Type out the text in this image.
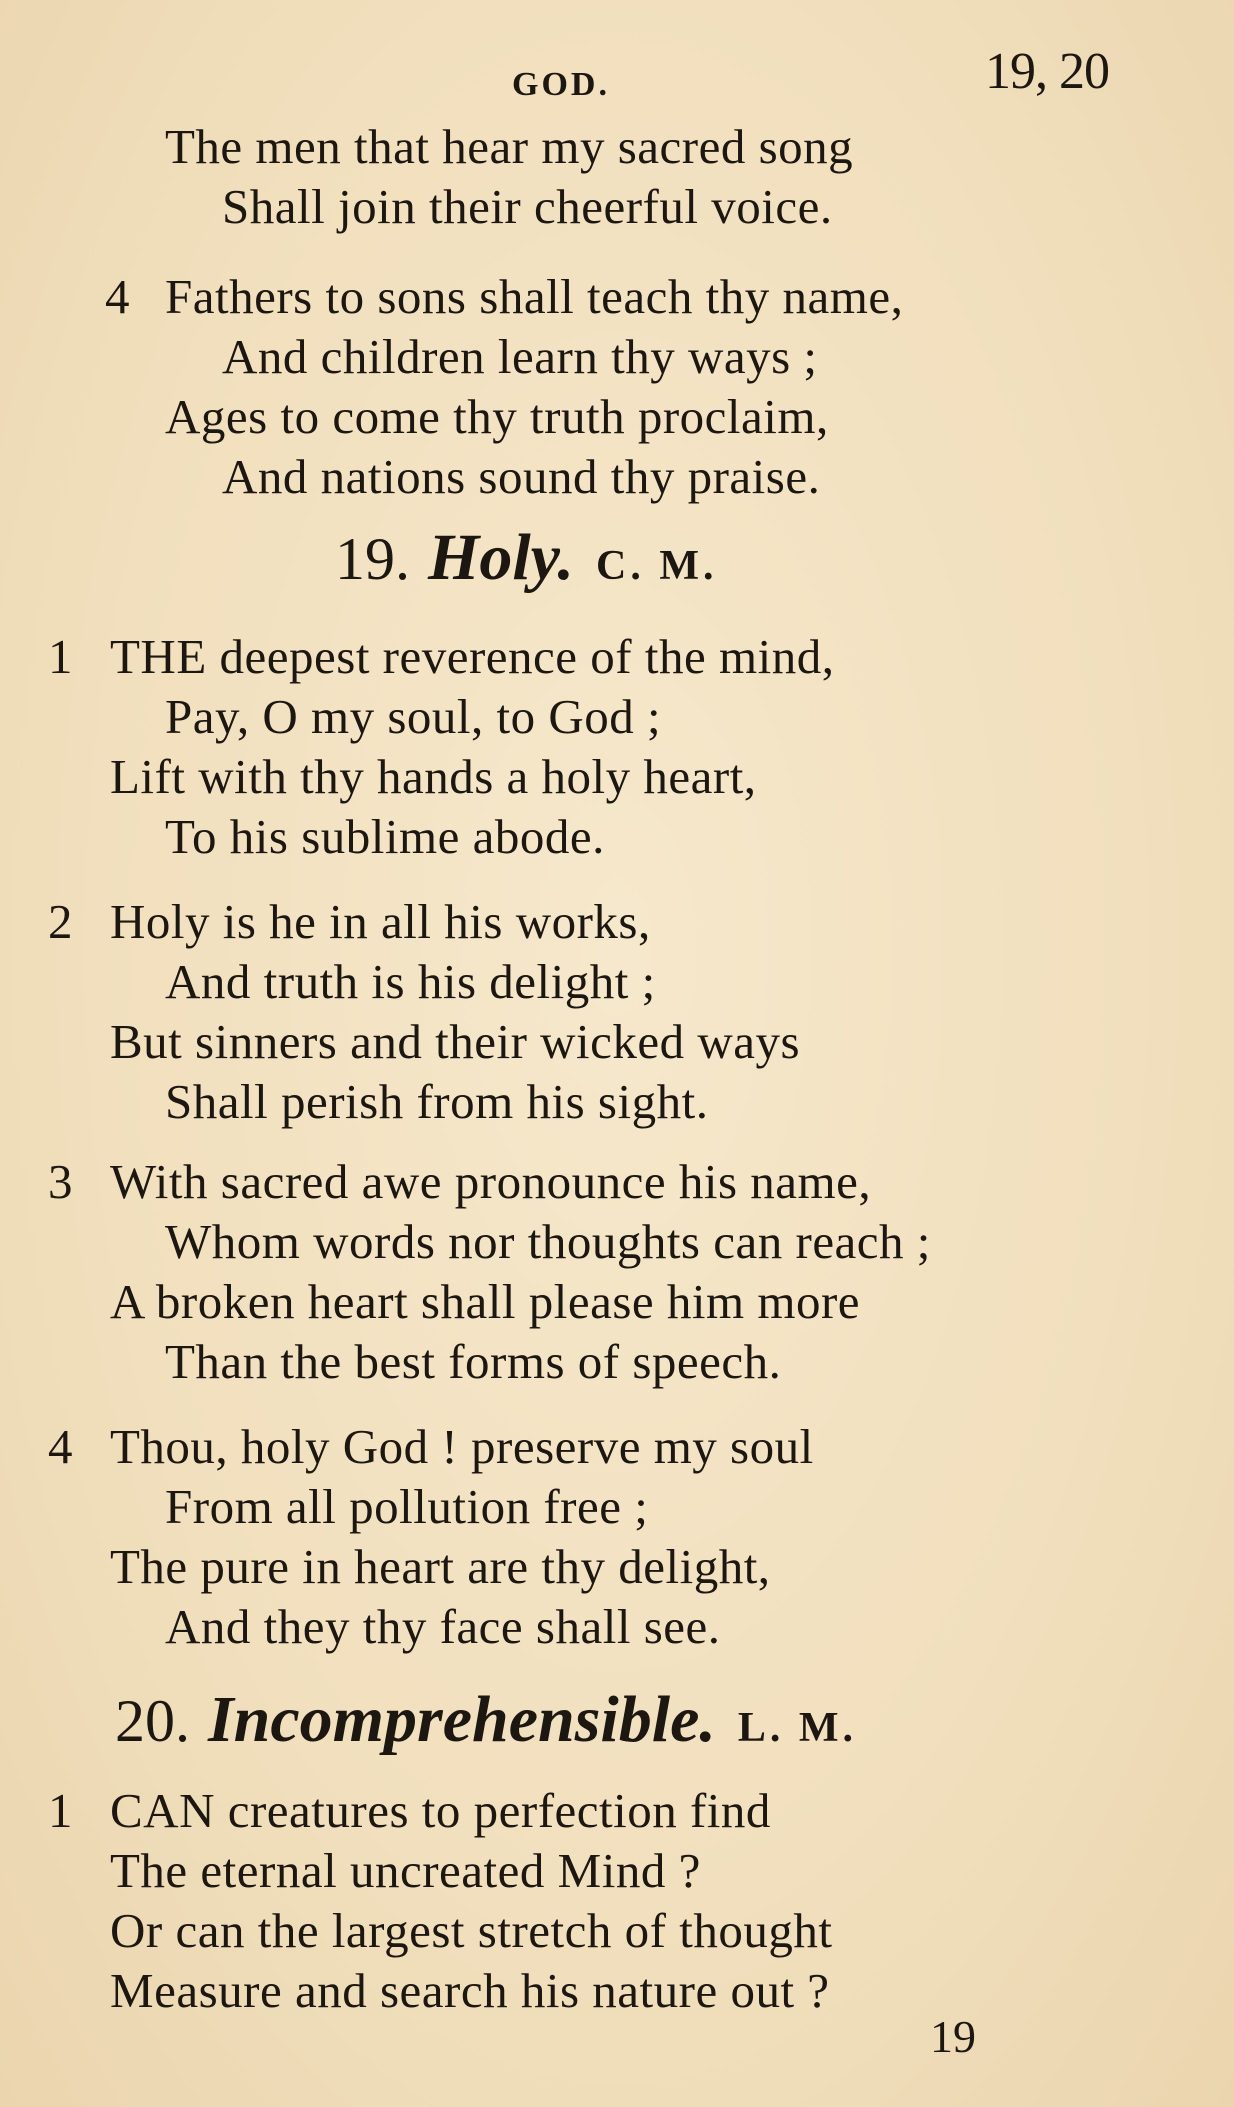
GOD.	19, 20
The men that hear my sacred song
Shall join their cheerful voice.
4 Fathers to sons shall teach thy name,
And children learn thy ways ;
Ages to come thy truth proclaim,
And nations sound thy praise.
19. Holy. C. M.
1 THE deepest reverence of the mind,
Pay, O my soul, to God ;
Lift with thy hands a holy heart,
To his sublime abode.
2 Holy is he in all his works,
And truth is his delight ;
But sinners and their wicked ways
Shall perish from his sight.
3 With sacred awe pronounce his name,
Whom words nor thoughts can reach ;
A broken heart shall please him more
Than the best forms of speech.
4 Thou, holy God ! preserve my soul
From all pollution free ;
The pure in heart are thy delight,
And they thy face shall see.
20. Incomprehensible. L. M.
1 CAN creatures to perfection find
The eternal uncreated Mind ?
Or can the largest stretch of thought
Measure and search his nature out ?
19
